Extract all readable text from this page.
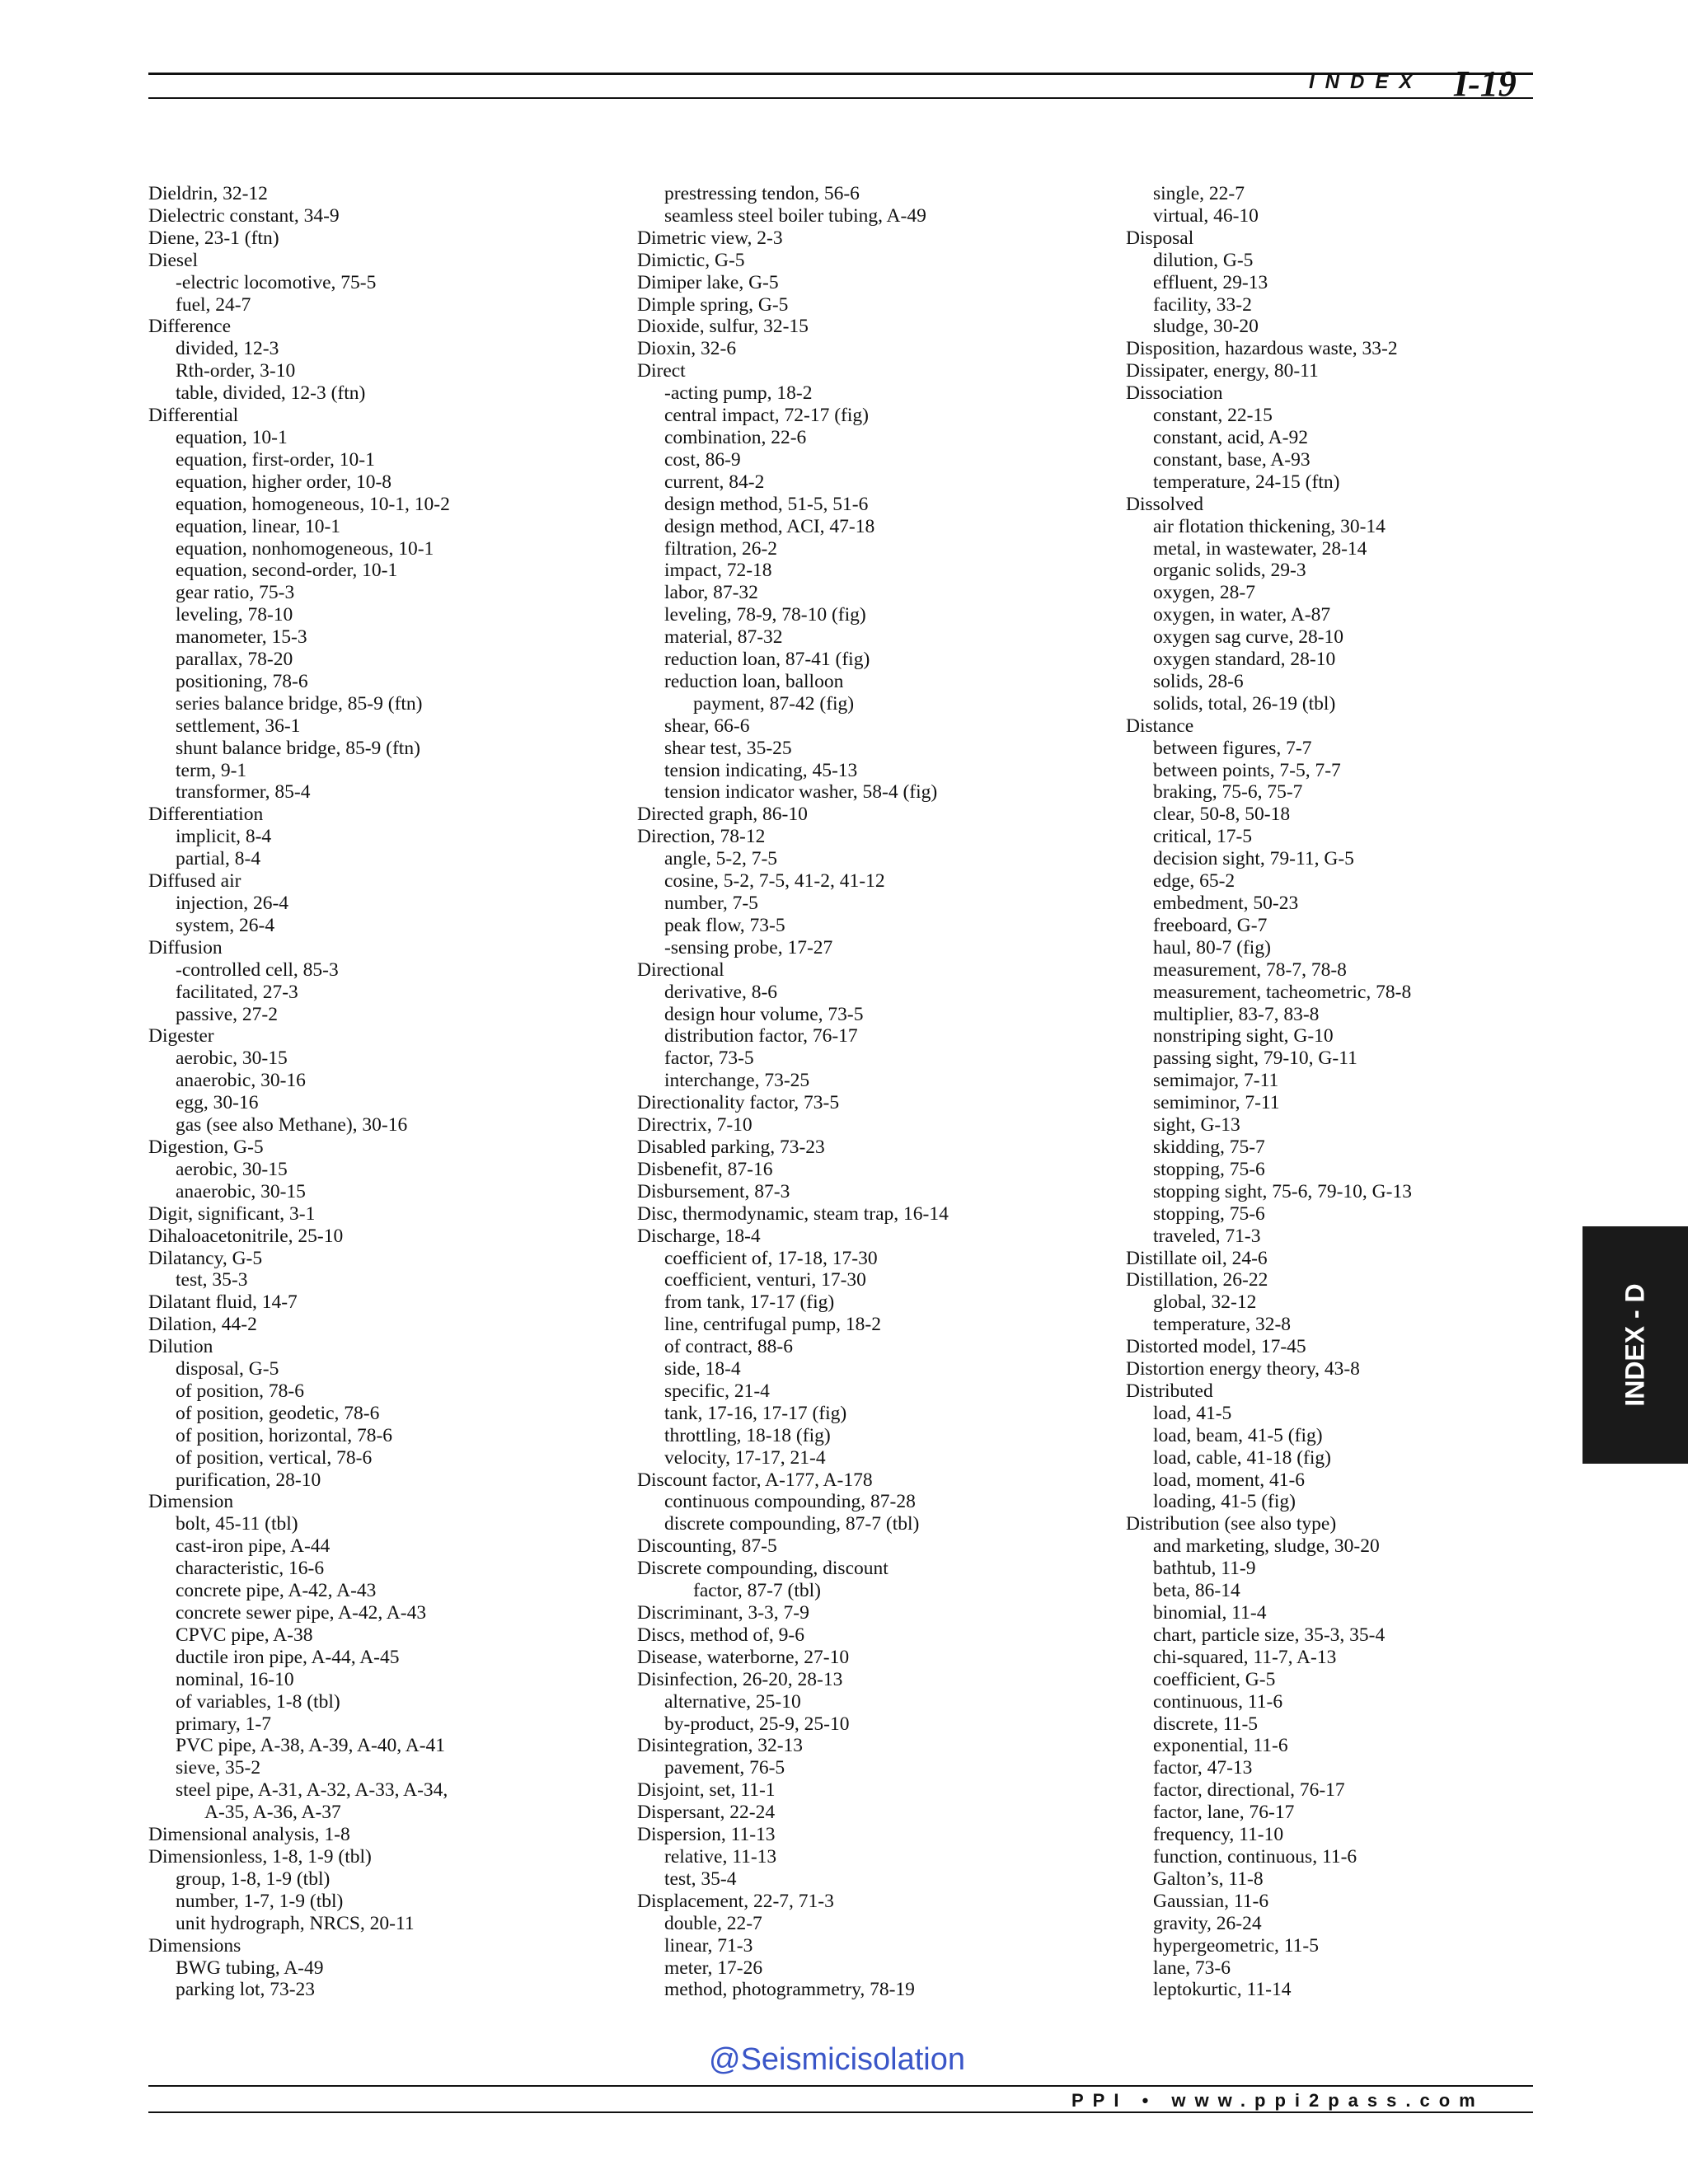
INDEX I-19
Dieldrin, 32-12
Dielectric constant, 34-9
Diene, 23-1 (ftn)
Diesel
-electric locomotive, 75-5
fuel, 24-7
Difference
divided, 12-3
Rth-order, 3-10
table, divided, 12-3 (ftn)
Differential
equation, 10-1
equation, first-order, 10-1
equation, higher order, 10-8
equation, homogeneous, 10-1, 10-2
equation, linear, 10-1
equation, nonhomogeneous, 10-1
equation, second-order, 10-1
gear ratio, 75-3
leveling, 78-10
manometer, 15-3
parallax, 78-20
positioning, 78-6
series balance bridge, 85-9 (ftn)
settlement, 36-1
shunt balance bridge, 85-9 (ftn)
term, 9-1
transformer, 85-4
Differentiation
implicit, 8-4
partial, 8-4
Diffused air
injection, 26-4
system, 26-4
Diffusion
-controlled cell, 85-3
facilitated, 27-3
passive, 27-2
Digester
aerobic, 30-15
anaerobic, 30-16
egg, 30-16
gas (see also Methane), 30-16
Digestion, G-5
aerobic, 30-15
anaerobic, 30-15
Digit, significant, 3-1
Dihaloacetonitrile, 25-10
Dilatancy, G-5
test, 35-3
Dilatant fluid, 14-7
Dilation, 44-2
Dilution
disposal, G-5
of position, 78-6
of position, geodetic, 78-6
of position, horizontal, 78-6
of position, vertical, 78-6
purification, 28-10
Dimension
bolt, 45-11 (tbl)
cast-iron pipe, A-44
characteristic, 16-6
concrete pipe, A-42, A-43
concrete sewer pipe, A-42, A-43
CPVC pipe, A-38
ductile iron pipe, A-44, A-45
nominal, 16-10
of variables, 1-8 (tbl)
primary, 1-7
PVC pipe, A-38, A-39, A-40, A-41
sieve, 35-2
steel pipe, A-31, A-32, A-33, A-34,
A-35, A-36, A-37
Dimensional analysis, 1-8
Dimensionless, 1-8, 1-9 (tbl)
group, 1-8, 1-9 (tbl)
number, 1-7, 1-9 (tbl)
unit hydrograph, NRCS, 20-11
Dimensions
BWG tubing, A-49
parking lot, 73-23
prestressing tendon, 56-6
seamless steel boiler tubing, A-49
Dimetric view, 2-3
Dimictic, G-5
Dimiper lake, G-5
Dimple spring, G-5
Dioxide, sulfur, 32-15
Dioxin, 32-6
Direct
-acting pump, 18-2
central impact, 72-17 (fig)
combination, 22-6
cost, 86-9
current, 84-2
design method, 51-5, 51-6
design method, ACI, 47-18
filtration, 26-2
impact, 72-18
labor, 87-32
leveling, 78-9, 78-10 (fig)
material, 87-32
reduction loan, 87-41 (fig)
reduction loan, balloon
payment, 87-42 (fig)
shear, 66-6
shear test, 35-25
tension indicating, 45-13
tension indicator washer, 58-4 (fig)
Directed graph, 86-10
Direction, 78-12
angle, 5-2, 7-5
cosine, 5-2, 7-5, 41-2, 41-12
number, 7-5
peak flow, 73-5
-sensing probe, 17-27
Directional
derivative, 8-6
design hour volume, 73-5
distribution factor, 76-17
factor, 73-5
interchange, 73-25
Directionality factor, 73-5
Directrix, 7-10
Disabled parking, 73-23
Disbenefit, 87-16
Disbursement, 87-3
Disc, thermodynamic, steam trap, 16-14
Discharge, 18-4
coefficient of, 17-18, 17-30
coefficient, venturi, 17-30
from tank, 17-17 (fig)
line, centrifugal pump, 18-2
of contract, 88-6
side, 18-4
specific, 21-4
tank, 17-16, 17-17 (fig)
throttling, 18-18 (fig)
velocity, 17-17, 21-4
Discount factor, A-177, A-178
continuous compounding, 87-28
discrete compounding, 87-7 (tbl)
Discounting, 87-5
Discrete compounding, discount
factor, 87-7 (tbl)
Discriminant, 3-3, 7-9
Discs, method of, 9-6
Disease, waterborne, 27-10
Disinfection, 26-20, 28-13
alternative, 25-10
by-product, 25-9, 25-10
Disintegration, 32-13
pavement, 76-5
Disjoint, set, 11-1
Dispersant, 22-24
Dispersion, 11-13
relative, 11-13
test, 35-4
Displacement, 22-7, 71-3
double, 22-7
linear, 71-3
meter, 17-26
method, photogrammetry, 78-19
single, 22-7
virtual, 46-10
Disposal
dilution, G-5
effluent, 29-13
facility, 33-2
sludge, 30-20
Disposition, hazardous waste, 33-2
Dissipater, energy, 80-11
Dissociation
constant, 22-15
constant, acid, A-92
constant, base, A-93
temperature, 24-15 (ftn)
Dissolved
air flotation thickening, 30-14
metal, in wastewater, 28-14
organic solids, 29-3
oxygen, 28-7
oxygen, in water, A-87
oxygen sag curve, 28-10
oxygen standard, 28-10
solids, 28-6
solids, total, 26-19 (tbl)
Distance
between figures, 7-7
between points, 7-5, 7-7
braking, 75-6, 75-7
clear, 50-8, 50-18
critical, 17-5
decision sight, 79-11, G-5
edge, 65-2
embedment, 50-23
freeboard, G-7
haul, 80-7 (fig)
measurement, 78-7, 78-8
measurement, tacheometric, 78-8
multiplier, 83-7, 83-8
nonstriping sight, G-10
passing sight, 79-10, G-11
semimajor, 7-11
semiminor, 7-11
sight, G-13
skidding, 75-7
stopping, 75-6
stopping sight, 75-6, 79-10, G-13
stopping, 75-6
traveled, 71-3
Distillate oil, 24-6
Distillation, 26-22
global, 32-12
temperature, 32-8
Distorted model, 17-45
Distortion energy theory, 43-8
Distributed
load, 41-5
load, beam, 41-5 (fig)
load, cable, 41-18 (fig)
load, moment, 41-6
loading, 41-5 (fig)
Distribution (see also type)
and marketing, sludge, 30-20
bathtub, 11-9
beta, 86-14
binomial, 11-4
chart, particle size, 35-3, 35-4
chi-squared, 11-7, A-13
coefficient, G-5
continuous, 11-6
discrete, 11-5
exponential, 11-6
factor, 47-13
factor, directional, 76-17
factor, lane, 76-17
frequency, 11-10
function, continuous, 11-6
Galton’s, 11-8
Gaussian, 11-6
gravity, 26-24
hypergeometric, 11-5
lane, 73-6
leptokurtic, 11-14
INDEX - D
@Seismicisolation
PPI • www.ppi2pass.com
